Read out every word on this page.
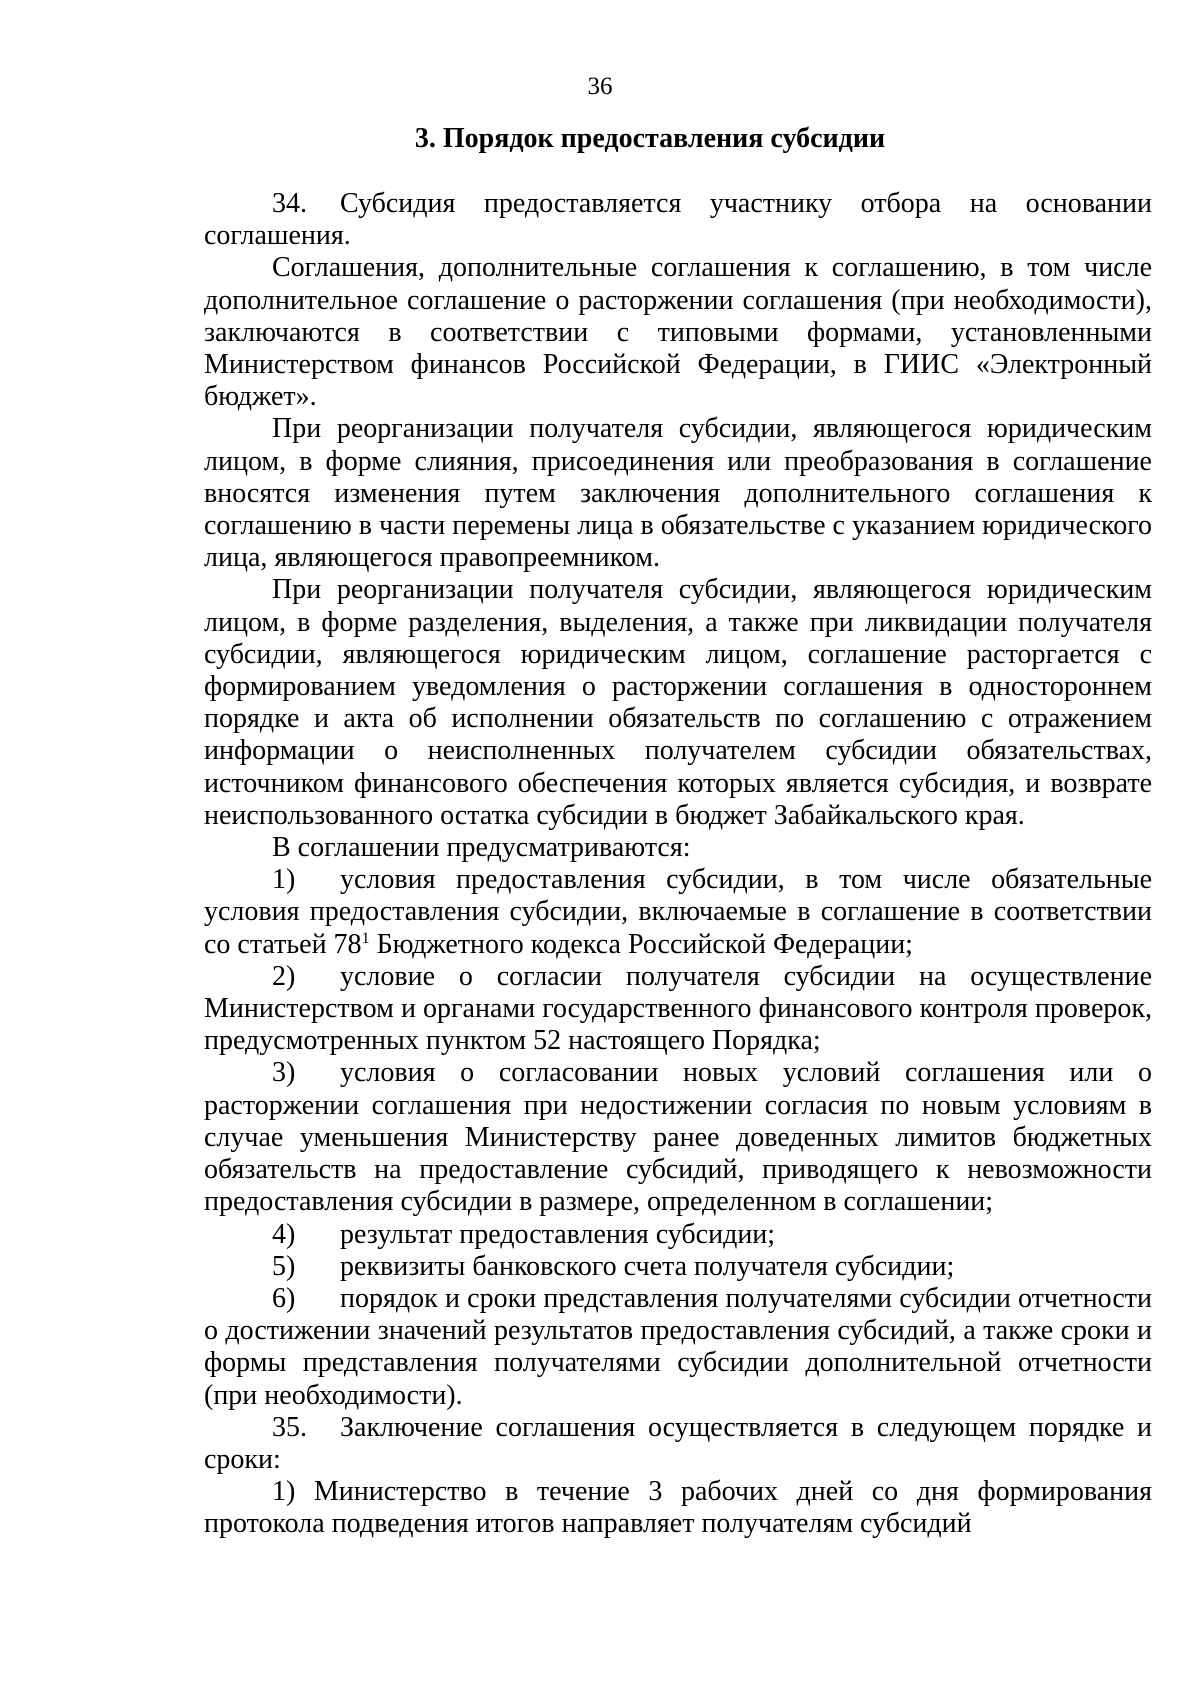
36
3. Порядок предоставления субсидии

34. Субсидия предоставляется участнику отбора на основании соглашения.

Соглашения, дополнительные соглашения к соглашению, в том числе дополнительное соглашение о расторжении соглашения (при необходимости), заключаются в соответствии с типовыми формами, установленными Министерством финансов Российской Федерации, в ГИИС «Электронный бюджет».

При реорганизации получателя субсидии, являющегося юридическим лицом, в форме слияния, присоединения или преобразования в соглашение вносятся изменения путем заключения дополнительного соглашения к соглашению в части перемены лица в обязательстве с указанием юридического лица, являющегося правопреемником.

При реорганизации получателя субсидии, являющегося юридическим лицом, в форме разделения, выделения, а также при ликвидации получателя субсидии, являющегося юридическим лицом, соглашение расторгается с формированием уведомления о расторжении соглашения в одностороннем порядке и акта об исполнении обязательств по соглашению с отражением информации о неисполненных получателем субсидии обязательствах, источником финансового обеспечения которых является субсидия, и возврате неиспользованного остатка субсидии в бюджет Забайкальского края.

В соглашении предусматриваются:

1) условия предоставления субсидии, в том числе обязательные условия предоставления субсидии, включаемые в соглашение в соответствии со статьей $78^1$ Бюджетного кодекса Российской Федерации;

2) условие о согласии получателя субсидии на осуществление Министерством и органами государственного финансового контроля проверок, предусмотренных пунктом 52 настоящего Порядка;

3) условия о согласовании новых условий соглашения или о расторжении соглашения при недостижении согласия по новым условиям в случае уменьшения Министерству ранее доведенных лимитов бюджетных обязательств на предоставление субсидий, приводящего к невозможности предоставления субсидии в размере, определенном в соглашении;

4) результат предоставления субсидии;

5) реквизиты банковского счета получателя субсидии;

6) порядок и сроки представления получателями субсидии отчетности о достижении значений результатов предоставления субсидий, а также сроки и формы представления получателями субсидии дополнительной отчетности (при необходимости).

35. Заключение соглашения осуществляется в следующем порядке и сроки:

1) Министерство в течение 3 рабочих дней со дня формирования протокола подведения итогов направляет получателям субсидий
